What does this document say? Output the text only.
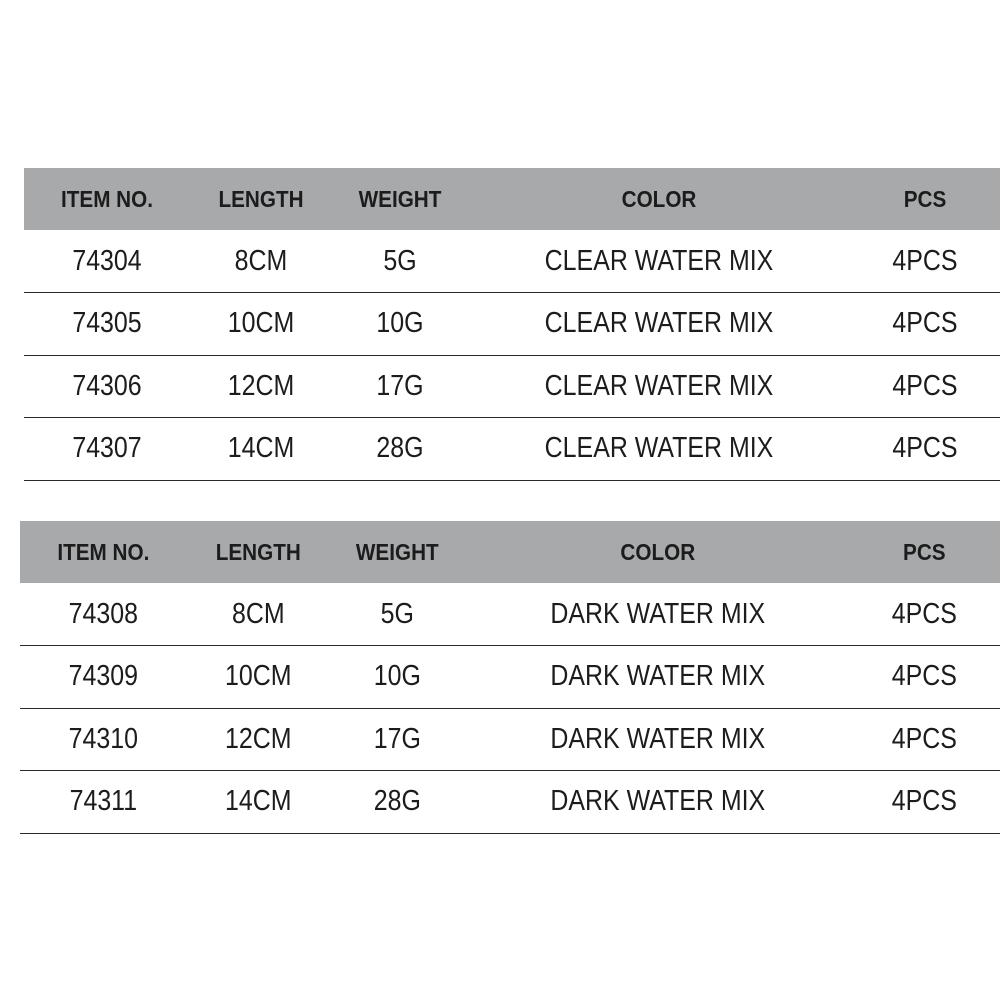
ITEM NO.	LENGTH	WEIGHT	COLOR	PCS
74304	8CM	5G	CLEAR WATER MIX	4PCS
74305	10CM	10G	CLEAR WATER MIX	4PCS
74306	12CM	17G	CLEAR WATER MIX	4PCS
74307	14CM	28G	CLEAR WATER MIX	4PCS
ITEM NO.	LENGTH	WEIGHT	COLOR	PCS
74308	8CM	5G	DARK WATER MIX	4PCS
74309	10CM	10G	DARK WATER MIX	4PCS
74310	12CM	17G	DARK WATER MIX	4PCS
74311	14CM	28G	DARK WATER MIX	4PCS
